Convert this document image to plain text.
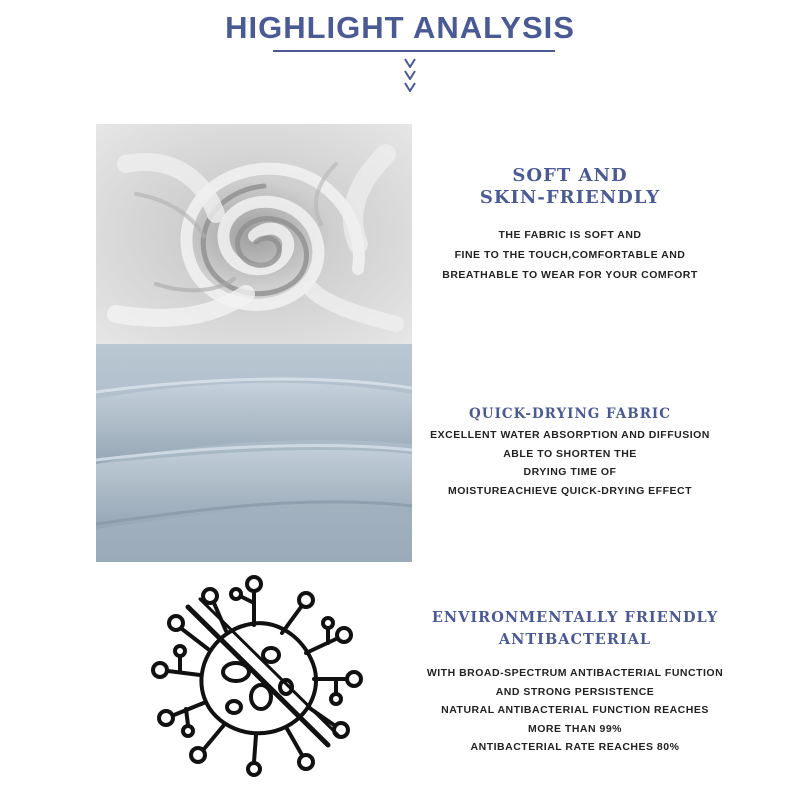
HIGHLIGHT ANALYSIS
SOFT AND
SKIN-FRIENDLY
THE FABRIC IS SOFT AND
FINE TO THE TOUCH,COMFORTABLE AND
BREATHABLE TO WEAR FOR YOUR COMFORT
QUICK-DRYING FABRIC
EXCELLENT WATER ABSORPTION AND DIFFUSION
ABLE TO SHORTEN THE
DRYING TIME OF
MOISTUREACHIEVE QUICK-DRYING EFFECT
ENVIRONMENTALLY FRIENDLY
ANTIBACTERIAL
WITH BROAD-SPECTRUM ANTIBACTERIAL FUNCTION
AND STRONG PERSISTENCE
NATURAL ANTIBACTERIAL FUNCTION REACHES
MORE THAN 99%
ANTIBACTERIAL RATE REACHES 80%
